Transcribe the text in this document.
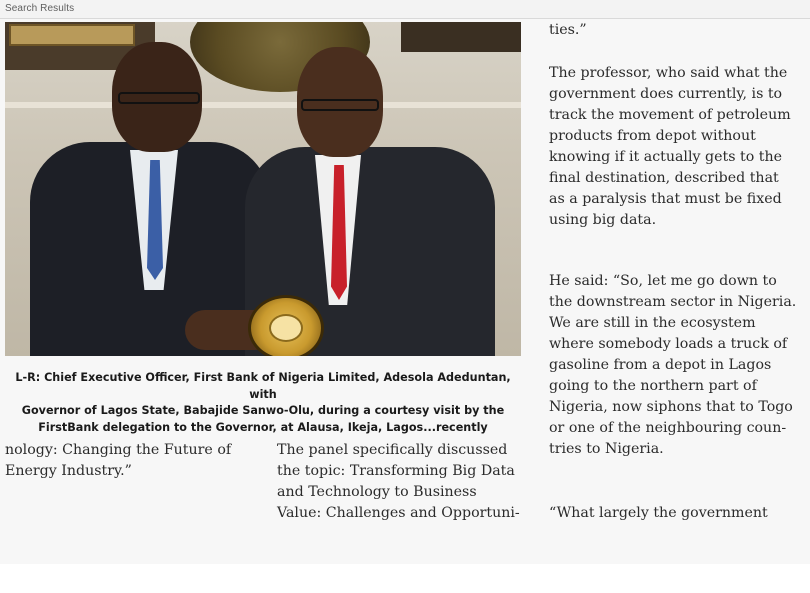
Search Results
L-R: Chief Executive Officer, First Bank of Nigeria Limited, Adesola Adeduntan, with
Governor of Lagos State, Babajide Sanwo-Olu, during a courtesy visit by the
FirstBank delegation to the Governor, at Alausa, Ikeja, Lagos...recently
nology: Changing the Future of
Energy Industry.”
The panel specifically discussed
the topic: Transforming Big Data
and Technology to Business
Value: Challenges and Opportuni-
ties.”
The professor, who said what the
government does currently, is to
track the movement of petroleum
products from depot without
knowing if it actually gets to the
final destination, described that
as a paralysis that must be fixed
using big data.
He said: “So, let me go down to
the downstream sector in Nigeria.
We are still in the ecosystem
where somebody loads a truck of
gasoline from a depot in Lagos
going to the northern part of
Nigeria, now siphons that to Togo
or one of the neighbouring coun-
tries to Nigeria.
“What largely the government
